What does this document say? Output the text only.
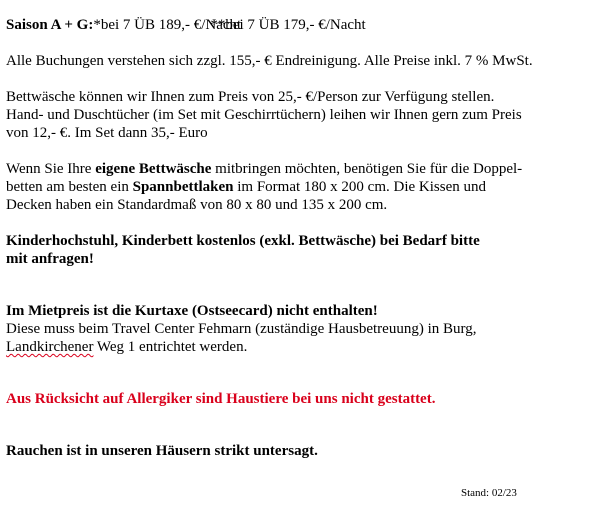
Saison A + G:*bei 7 ÜB 189,- €/Nacht**bei 7 ÜB 179,- €/Nacht
Alle Buchungen verstehen sich zzgl. 155,- € Endreinigung. Alle Preise inkl. 7 % MwSt.
Bettwäsche können wir Ihnen zum Preis von 25,- €/Person zur Verfügung stellen.
Hand- und Duschtücher (im Set mit Geschirrtüchern) leihen wir Ihnen gern zum Preis
von 12,- €. Im Set dann 35,- Euro
Wenn Sie Ihre eigene Bettwäsche mitbringen möchten, benötigen Sie für die Doppel-
betten am besten ein Spannbettlaken im Format 180 x 200 cm. Die Kissen und
Decken haben ein Standardmaß von 80 x 80 und 135 x 200 cm.
Kinderhochstuhl, Kinderbett kostenlos (exkl. Bettwäsche) bei Bedarf bitte
mit anfragen!
Im Mietpreis ist die Kurtaxe (Ostseecard) nicht enthalten!
Diese muss beim Travel Center Fehmarn (zuständige Hausbetreuung) in Burg,
Landkirchener Weg 1 entrichtet werden.
Aus Rücksicht auf Allergiker sind Haustiere bei uns nicht gestattet.
Rauchen ist in unseren Häusern strikt untersagt.
Stand: 02/23
